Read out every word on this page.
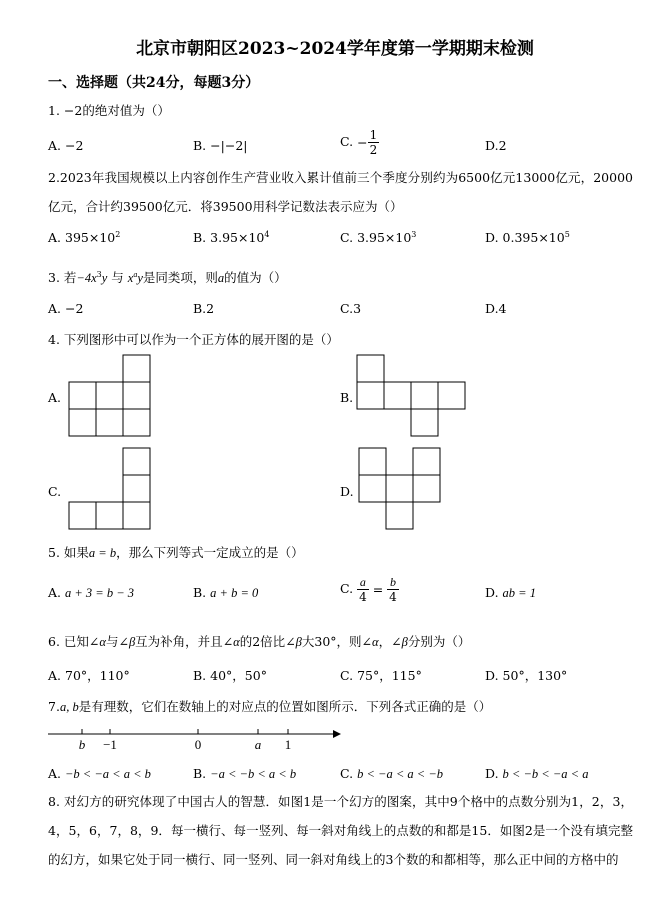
北京市朝阳区2023~2024学年度第一学期期末检测
一、选择题（共24分，每题3分）
1. −2的绝对值为（）
A. −2	B. −|−2|	C. − $\frac{1}{2}$	D.2
2.2023年我国规模以上内容创作生产营业收入累计值前三个季度分别约为6500亿元13000亿元，20000亿元，合计约39500亿元．将39500用科学记数法表示应为（）
A. $395\times 10^2$	B. $3.95\times 10^4$	C. $3.95\times 10^3$	D. $0.395\times 10^5$
3. 若$-4x^3y$ 与 $x^ay$是同类项，则a的值为（）
A. −2	B.2	C.3	D.4
4. 下列图形中可以作为一个正方体的展开图的是（）
A.	B.
C.	D.
5. 如果a = b，那么下列等式一定成立的是（）
A. a + 3 = b − 3	B. a + b = 0	C. $\frac{a}{4} = \frac{b}{4}$	D. ab = 1
6. 已知∠α与∠β互为补角，并且∠α的2倍比∠β大30°，则∠α，∠β分别为（）
A. 70°，110°	B. 40°，50°	C. 75°，115°	D. 50°，130°
7.a, b是有理数，它们在数轴上的对应点的位置如图所示．下列各式正确的是（）
b −1	0	a 1
A. −b < −a < a < b	B. −a < −b < a < b	C. b < −a < a < −b	D. b < −b < −a < a
8. 对幻方的研究体现了中国古人的智慧．如图1是一个幻方的图案，其中9个格中的点数分别为1，2，3，4，5，6，7，8，9．每一横行、每一竖列、每一斜对角线上的点数的和都是15．如图2是一个没有填完整的幻方，如果它处于同一横行、同一竖列、同一斜对角线上的3个数的和都相等，那么正中间的方格中的
